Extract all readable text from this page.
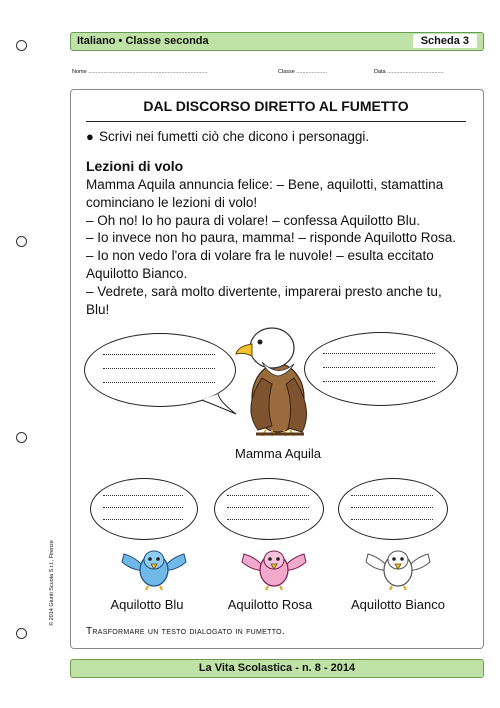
Italiano • Classe seconda	Scheda 3
Nome ..............................................................................	Classe ....................	Data .....................................
DAL DISCORSO DIRETTO AL FUMETTO
● Scrivi nei fumetti ciò che dicono i personaggi.
Lezioni di volo

Mamma Aquila annuncia felice: – Bene, aquilotti, stamattina

cominciano le lezioni di volo!

– Oh no! Io ho paura di volare! – confessa Aquilotto Blu.

– Io invece non ho paura, mamma! – risponde Aquilotto Rosa.

– Io non vedo l'ora di volare fra le nuvole! – esulta eccitato

Aquilotto Bianco.

– Vedrete, sarà molto divertente, imparerai presto anche tu,

Blu!

Mamma Aquila
Aquilotto Blu	Aquilotto Rosa	Aquilotto Bianco
Trasformare un testo dialogato in fumetto.
La Vita Scolastica - n. 8 - 2014
© 2014 Giunti Scuola S.r.l., Firenze
